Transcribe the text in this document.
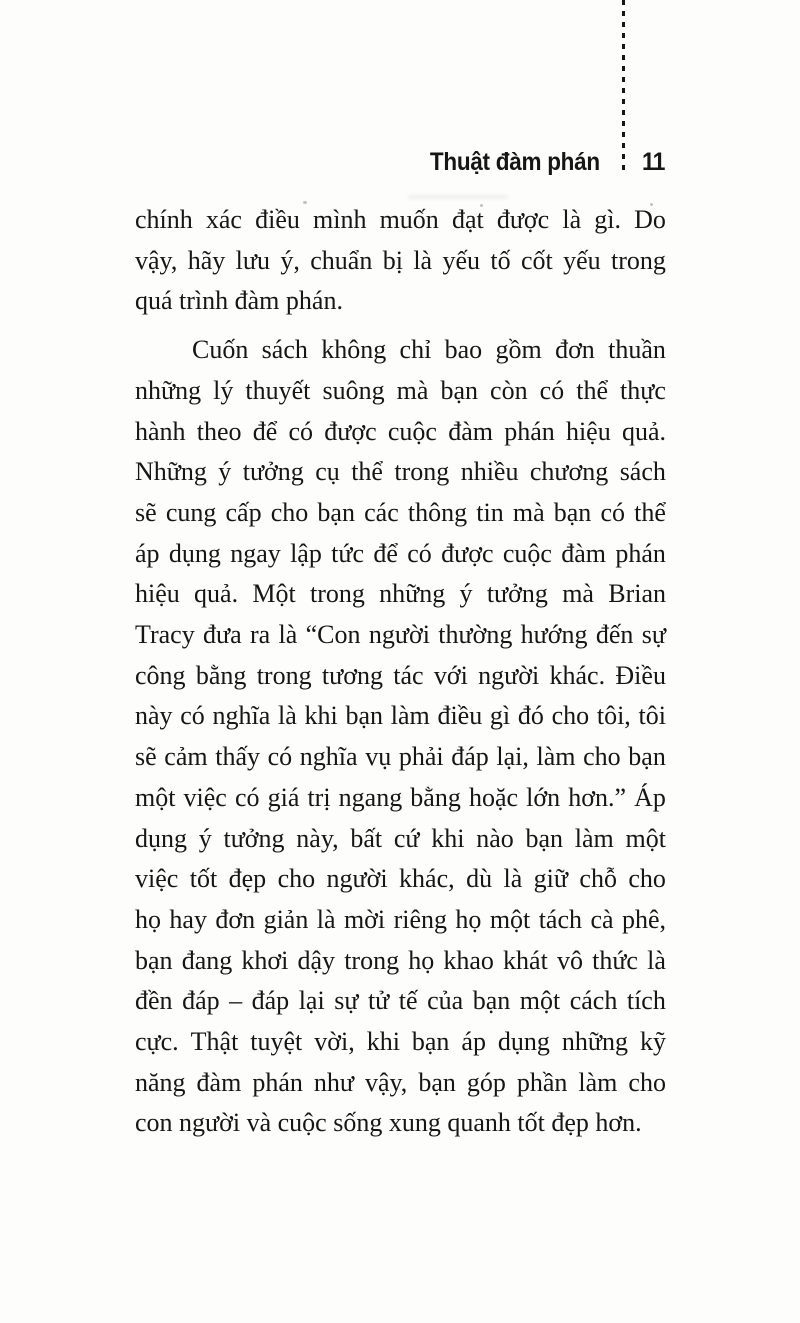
Thuật đàm phán 11
chính xác điều mình muốn đạt được là gì. Do
vậy, hãy lưu ý, chuẩn bị là yếu tố cốt yếu trong
quá trình đàm phán.
Cuốn sách không chỉ bao gồm đơn thuần
những lý thuyết suông mà bạn còn có thể thực
hành theo để có được cuộc đàm phán hiệu quả.
Những ý tưởng cụ thể trong nhiều chương sách
sẽ cung cấp cho bạn các thông tin mà bạn có thể
áp dụng ngay lập tức để có được cuộc đàm phán
hiệu quả. Một trong những ý tưởng mà Brian
Tracy đưa ra là “Con người thường hướng đến sự
công bằng trong tương tác với người khác. Điều
này có nghĩa là khi bạn làm điều gì đó cho tôi, tôi
sẽ cảm thấy có nghĩa vụ phải đáp lại, làm cho bạn
một việc có giá trị ngang bằng hoặc lớn hơn.” Áp
dụng ý tưởng này, bất cứ khi nào bạn làm một
việc tốt đẹp cho người khác, dù là giữ chỗ cho
họ hay đơn giản là mời riêng họ một tách cà phê,
bạn đang khơi dậy trong họ khao khát vô thức là
đền đáp – đáp lại sự tử tế của bạn một cách tích
cực. Thật tuyệt vời, khi bạn áp dụng những kỹ
năng đàm phán như vậy, bạn góp phần làm cho
con người và cuộc sống xung quanh tốt đẹp hơn.
